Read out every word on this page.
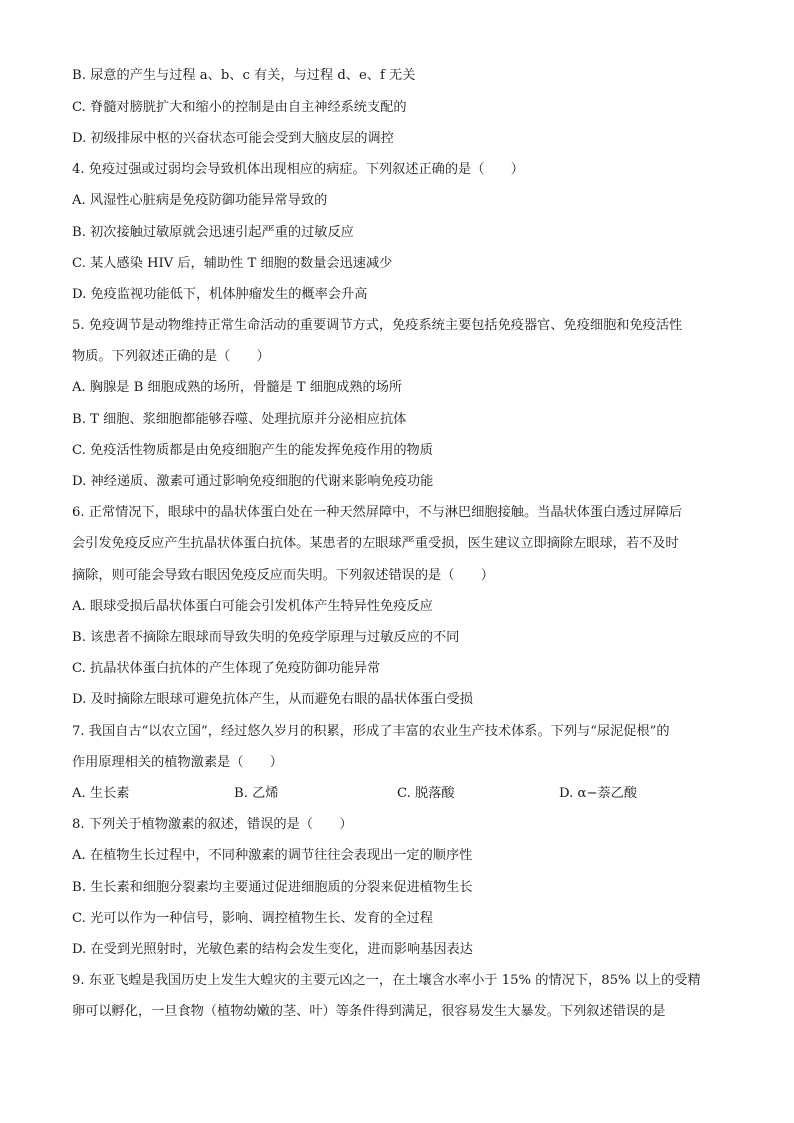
B. 尿意的产生与过程 a、b、c 有关，与过程 d、e、f 无关
C. 脊髓对膀胱扩大和缩小的控制是由自主神经系统支配的
D. 初级排尿中枢的兴奋状态可能会受到大脑皮层的调控
4. 免疫过强或过弱均会导致机体出现相应的病症。下列叙述正确的是（　　）
A. 风湿性心脏病是免疫防御功能异常导致的
B. 初次接触过敏原就会迅速引起严重的过敏反应
C. 某人感染 HIV 后，辅助性 T 细胞的数量会迅速减少
D. 免疫监视功能低下，机体肿瘤发生的概率会升高
5. 免疫调节是动物维持正常生命活动的重要调节方式，免疫系统主要包括免疫器官、免疫细胞和免疫活性
物质。下列叙述正确的是（　　）
A. 胸腺是 B 细胞成熟的场所，骨髓是 T 细胞成熟的场所
B. T 细胞、浆细胞都能够吞噬、处理抗原并分泌相应抗体
C. 免疫活性物质都是由免疫细胞产生的能发挥免疫作用的物质
D. 神经递质、激素可通过影响免疫细胞的代谢来影响免疫功能
6. 正常情况下，眼球中的晶状体蛋白处在一种天然屏障中，不与淋巴细胞接触。当晶状体蛋白透过屏障后
会引发免疫反应产生抗晶状体蛋白抗体。某患者的左眼球严重受损，医生建议立即摘除左眼球，若不及时
摘除，则可能会导致右眼因免疫反应而失明。下列叙述错误的是（　　）
A. 眼球受损后晶状体蛋白可能会引发机体产生特异性免疫反应
B. 该患者不摘除左眼球而导致失明的免疫学原理与过敏反应的不同
C. 抗晶状体蛋白抗体的产生体现了免疫防御功能异常
D. 及时摘除左眼球可避免抗体产生，从而避免右眼的晶状体蛋白受损
7. 我国自古“以农立国”，经过悠久岁月的积累，形成了丰富的农业生产技术体系。下列与“尿泥促根”的
作用原理相关的植物激素是（　　）
A. 生长素	B. 乙烯	C. 脱落酸	D. α−萘乙酸
8. 下列关于植物激素的叙述，错误的是（　　）
A. 在植物生长过程中，不同种激素的调节往往会表现出一定的顺序性
B. 生长素和细胞分裂素均主要通过促进细胞质的分裂来促进植物生长
C. 光可以作为一种信号，影响、调控植物生长、发育的全过程
D. 在受到光照射时，光敏色素的结构会发生变化，进而影响基因表达
9. 东亚飞蝗是我国历史上发生大蝗灾的主要元凶之一，在土壤含水率小于 15% 的情况下，85% 以上的受精
卵可以孵化，一旦食物（植物幼嫩的茎、叶）等条件得到满足，很容易发生大暴发。下列叙述错误的是
